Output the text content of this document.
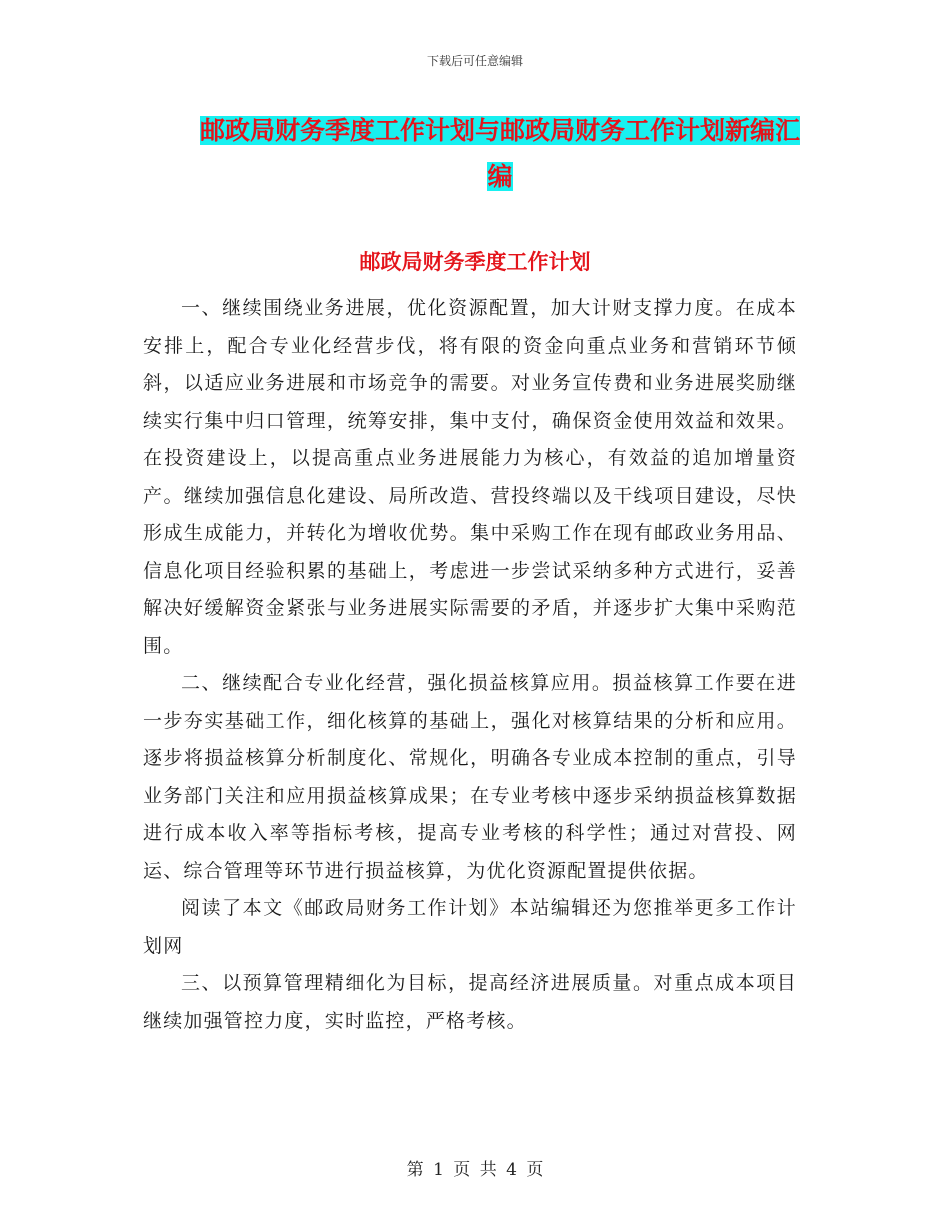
下载后可任意编辑
邮政局财务季度工作计划与邮政局财务工作计划新编汇编
邮政局财务季度工作计划

一、继续围绕业务进展，优化资源配置，加大计财支撑力度。在成本安排上，配合专业化经营步伐，将有限的资金向重点业务和营销环节倾斜，以适应业务进展和市场竞争的需要。对业务宣传费和业务进展奖励继续实行集中归口管理，统筹安排，集中支付，确保资金使用效益和效果。在投资建设上，以提高重点业务进展能力为核心，有效益的追加增量资产。继续加强信息化建设、局所改造、营投终端以及干线项目建设，尽快形成生成能力，并转化为增收优势。集中采购工作在现有邮政业务用品、信息化项目经验积累的基础上，考虑进一步尝试采纳多种方式进行，妥善解决好缓解资金紧张与业务进展实际需要的矛盾，并逐步扩大集中采购范围。

二、继续配合专业化经营，强化损益核算应用。损益核算工作要在进一步夯实基础工作，细化核算的基础上，强化对核算结果的分析和应用。逐步将损益核算分析制度化、常规化，明确各专业成本控制的重点，引导业务部门关注和应用损益核算成果；在专业考核中逐步采纳损益核算数据进行成本收入率等指标考核，提高专业考核的科学性；通过对营投、网运、综合管理等环节进行损益核算，为优化资源配置提供依据。

阅读了本文《邮政局财务工作计划》本站编辑还为您推举更多工作计划网

三、以预算管理精细化为目标，提高经济进展质量。对重点成本项目继续加强管控力度，实时监控，严格考核。

第 1 页 共 4 页
